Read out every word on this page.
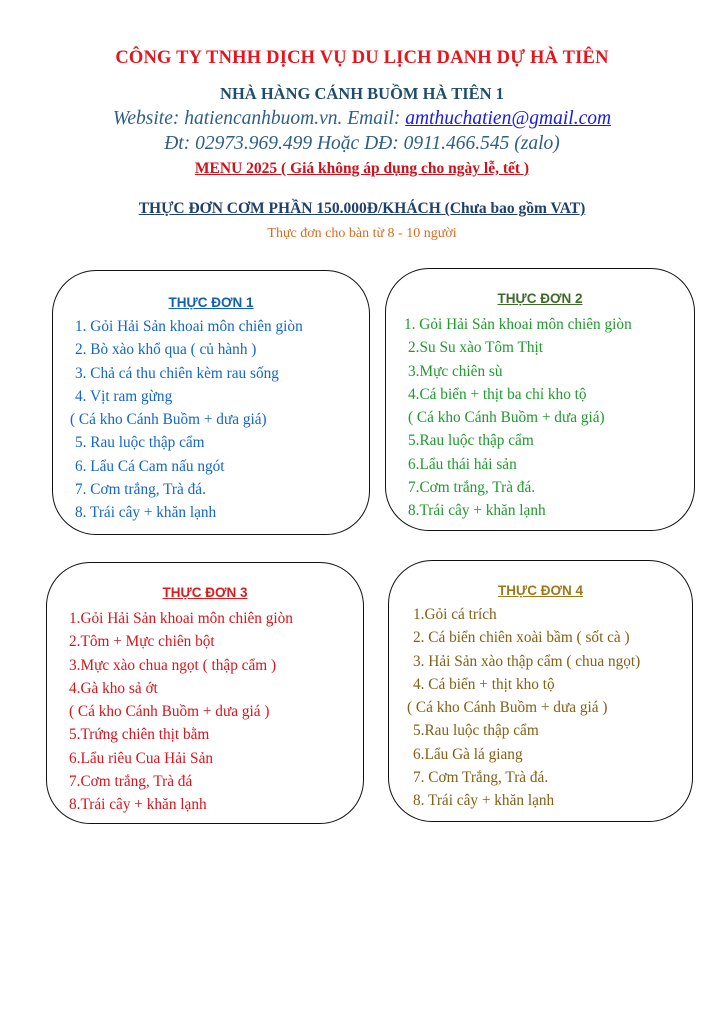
CÔNG TY TNHH DỊCH VỤ DU LỊCH DANH DỰ HÀ TIÊN
NHÀ HÀNG CÁNH BUỒM HÀ TIÊN 1
Website: hatiencanhbuom.vn. Email: amthuchatien@gmail.com
Đt: 02973.969.499 Hoặc DĐ: 0911.466.545 (zalo)
MENU 2025 ( Giá không áp dụng cho ngày lễ, tết )
THỰC ĐƠN CƠM PHẦN 150.000Đ/KHÁCH (Chưa bao gồm VAT)
Thực đơn cho bàn từ 8 - 10 người
THỰC ĐƠN 1
1. Gỏi Hải Sản khoai môn chiên giòn
2. Bò xào khổ qua ( củ hành )
3. Chả cá thu chiên kèm rau sống
4. Vịt ram gừng
( Cá kho Cánh Buồm + dưa giá)
5. Rau luộc thập cẩm
6. Lẩu Cá Cam nấu ngót
7. Cơm trắng, Trà đá.
8. Trái cây + khăn lạnh
THỰC ĐƠN 2
1. Gỏi Hải Sản khoai môn chiên giòn
2.Su Su xào Tôm Thịt
3.Mực chiên sù
4.Cá biển + thịt ba chỉ kho tộ
( Cá kho Cánh Buồm + dưa giá)
5.Rau luộc thập cẩm
6.Lẩu thái hải sản
7.Cơm trắng, Trà đá.
8.Trái cây + khăn lạnh
THỰC ĐƠN 3
1.Gỏi Hải Sản khoai môn chiên giòn
2.Tôm + Mực chiên bột
3.Mực xào chua ngọt ( thập cẩm )
4.Gà kho sả ớt
( Cá kho Cánh Buồm + dưa giá )
5.Trứng chiên thịt bằm
6.Lẩu riêu Cua Hải Sản
7.Cơm trắng, Trà đá
8.Trái cây + khăn lạnh
THỰC ĐƠN 4
1.Gỏi cá trích
2. Cá biển chiên xoài bầm ( sốt cà )
3. Hải Sản xào thập cẩm ( chua ngọt)
4. Cá biển + thịt kho tộ
( Cá kho Cánh Buồm + dưa giá )
5.Rau luộc thập cẩm
6.Lẩu Gà lá giang
7. Cơm Trắng, Trà đá.
8. Trái cây + khăn lạnh
